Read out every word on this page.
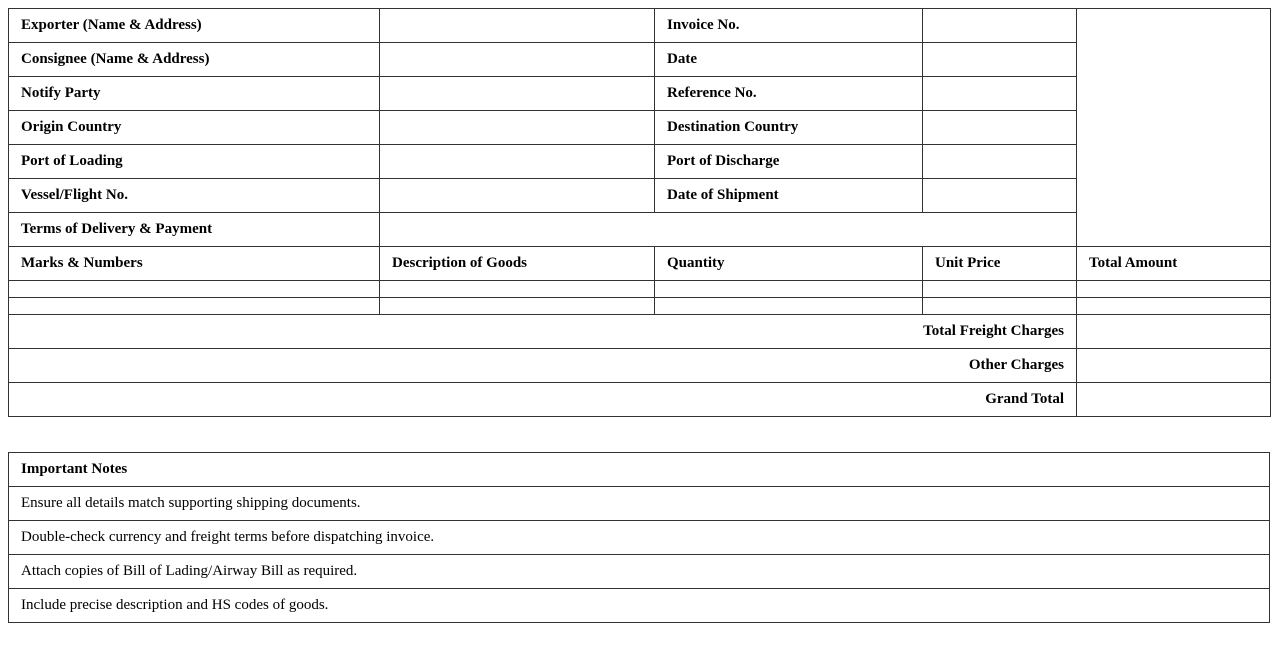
Exporter (Name & Address)		Invoice No.		
Consignee (Name & Address)		Date		
Notify Party		Reference No.		
Origin Country		Destination Country		
Port of Loading		Port of Discharge		
Vessel/Flight No.		Date of Shipment		
Terms of Delivery & Payment				
Marks & Numbers	Description of Goods	Quantity	Unit Price	Total Amount

Total Freight Charges				
Other Charges				
Grand Total				
Important Notes
Ensure all details match supporting shipping documents.
Double-check currency and freight terms before dispatching invoice.
Attach copies of Bill of Lading/Airway Bill as required.
Include precise description and HS codes of goods.
